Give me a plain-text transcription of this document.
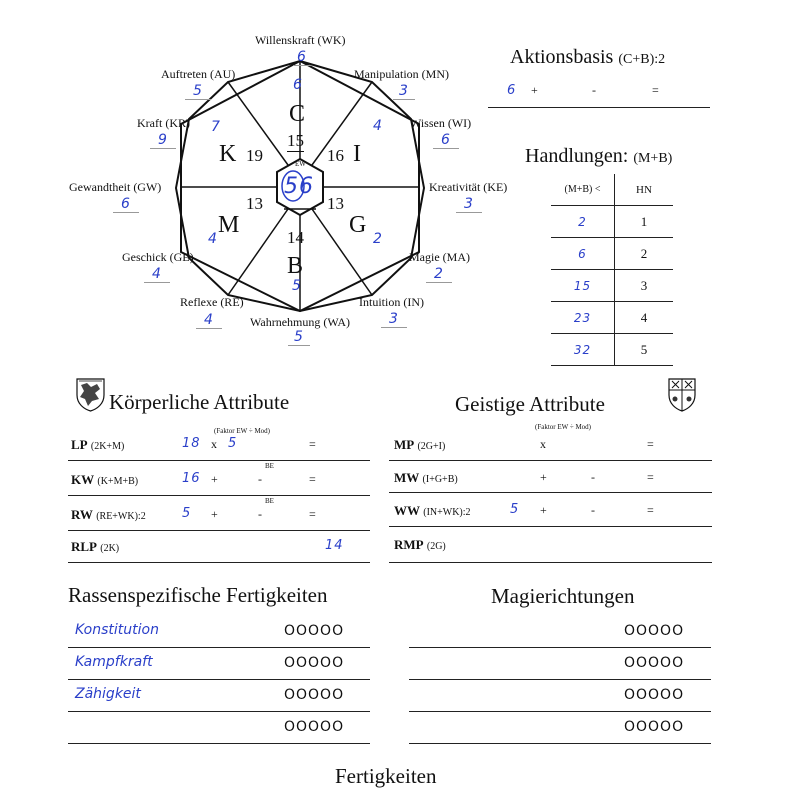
C
15
6
I
16
4
G
13
2
B
14
5
M
13
4
K 19
7
EW
56
Willenskraft (WK)
6
Manipulation (MN)
3
Wissen (WI)
6
Kreativität (KE)
3
Magie (MA)
2
Intuition (IN)
3
Wahrnehmung (WA)
5
Reflexe (RE)
4
Geschick (GE)
4
Gewandtheit (GW)
6
Kraft (KR)
9
Auftreten (AU)
5
Aktionsbasis (C+B):2
6 +	-	=
Handlungen: (M+B)
(M+B) <	HN
2	1
6	2
15	3
23	4
32	5
Körperliche Attribute
(Faktor EW ÷ Mod)
LP (2K+M)	18 x 5	=
BE
KW (K+M+B)	16 +	-	=
BE
RW (RE+WK):2	5 +	-	=
RLP (2K)	14
Geistige Attribute
(Faktor EW ÷ Mod)
MP (2G+I)	x	=
MW (I+G+B)	+	-	=
WW (IN+WK):2	5 +	-	=
RMP (2G)
Rassenspezifische Fertigkeiten
Konstitution	OOOOO
Kampfkraft	OOOOO
Zähigkeit	OOOOO
OOOOO
Magierichtungen
OOOOO
OOOOO
OOOOO
OOOOO
Fertigkeiten
